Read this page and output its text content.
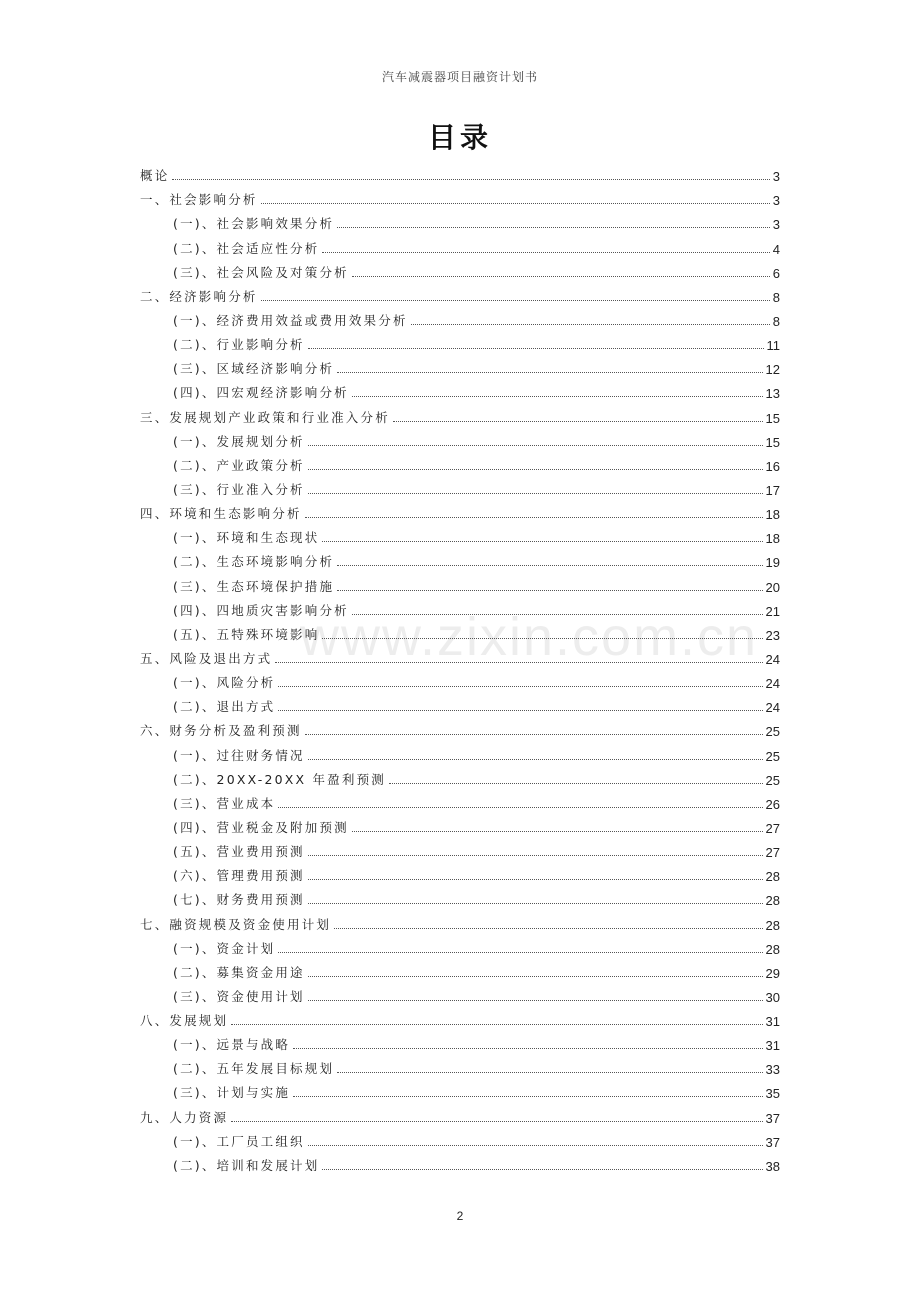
汽车减震器项目融资计划书
目录
www.zixin.com.cn
概论	3
一、社会影响分析	3
(一)、社会影响效果分析	3
(二)、社会适应性分析	4
(三)、社会风险及对策分析	6
二、经济影响分析	8
(一)、经济费用效益或费用效果分析	8
(二)、行业影响分析	11
(三)、区域经济影响分析	12
(四)、四宏观经济影响分析	13
三、发展规划产业政策和行业准入分析	15
(一)、发展规划分析	15
(二)、产业政策分析	16
(三)、行业准入分析	17
四、环境和生态影响分析	18
(一)、环境和生态现状	18
(二)、生态环境影响分析	19
(三)、生态环境保护措施	20
(四)、四地质灾害影响分析	21
(五)、五特殊环境影响	23
五、风险及退出方式	24
(一)、风险分析	24
(二)、退出方式	24
六、财务分析及盈利预测	25
(一)、过往财务情况	25
(二)、20XX-20XX 年盈利预测	25
(三)、营业成本	26
(四)、营业税金及附加预测	27
(五)、营业费用预测	27
(六)、管理费用预测	28
(七)、财务费用预测	28
七、融资规模及资金使用计划	28
(一)、资金计划	28
(二)、募集资金用途	29
(三)、资金使用计划	30
八、发展规划	31
(一)、远景与战略	31
(二)、五年发展目标规划	33
(三)、计划与实施	35
九、人力资源	37
(一)、工厂员工组织	37
(二)、培训和发展计划	38
2
